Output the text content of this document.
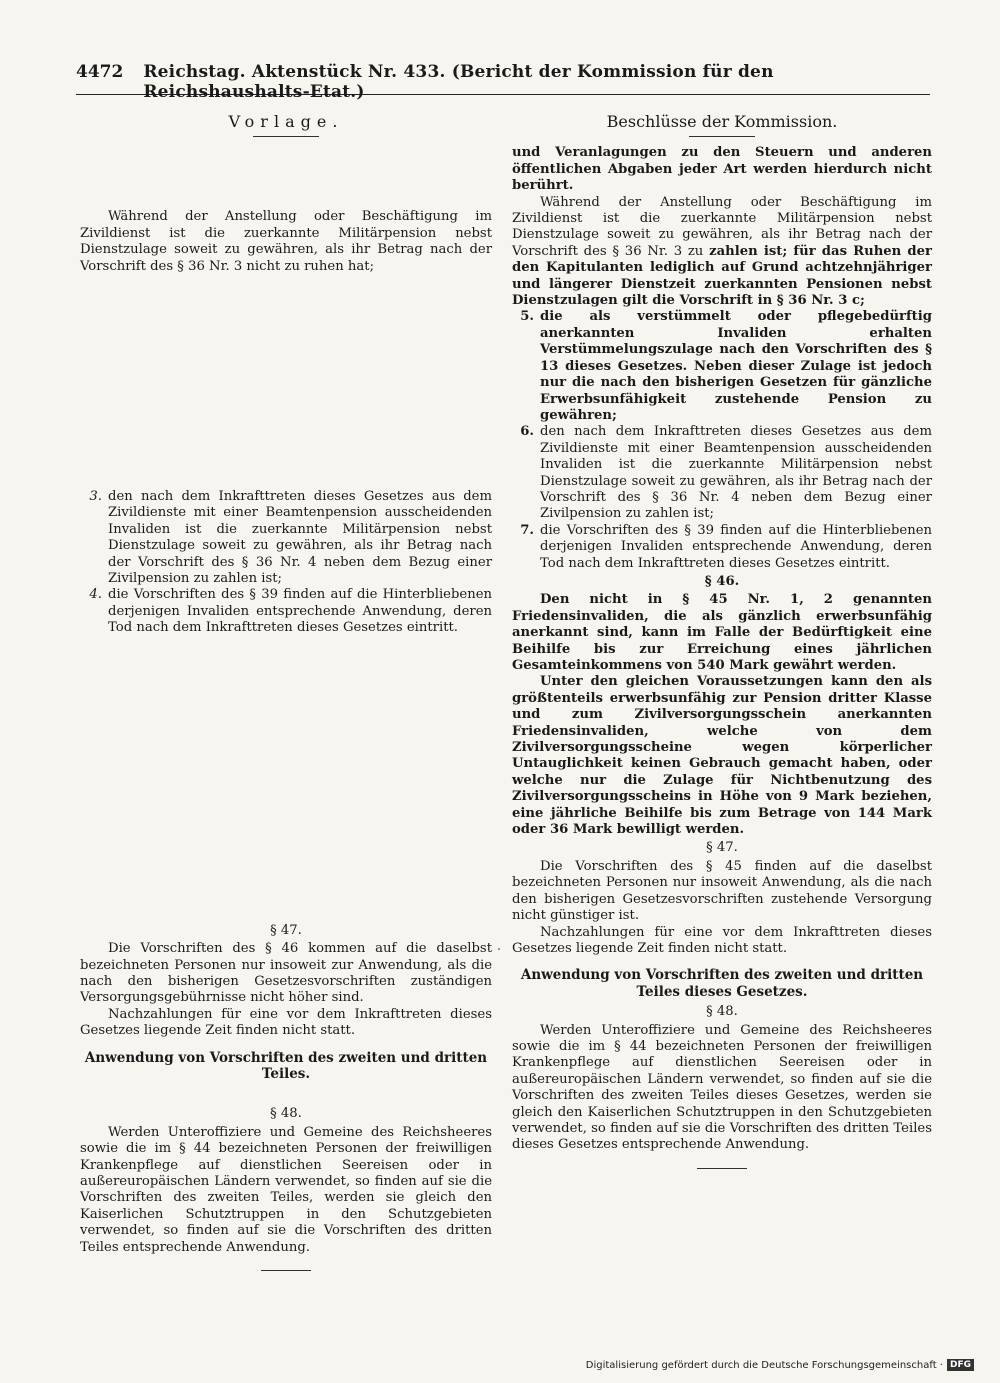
4472 Reichstag. Aktenstück Nr. 433. (Bericht der Kommission für den Reichshaushalts-Etat.)
Vorlage.

Während der Anstellung oder Beschäftigung im Zivildienst ist die zuerkannte Militärpension nebst Dienstzulage soweit zu gewähren, als ihr Betrag nach der Vorschrift des § 36 Nr. 3 nicht zu ruhen hat;

3. den nach dem Inkrafttreten dieses Gesetzes aus dem Zivildienste mit einer Beamtenpension ausscheidenden Invaliden ist die zuerkannte Militärpension nebst Dienstzulage soweit zu gewähren, als ihr Betrag nach der Vorschrift des § 36 Nr. 4 neben dem Bezug einer Zivilpension zu zahlen ist;
4. die Vorschriften des § 39 finden auf die Hinterbliebenen derjenigen Invaliden entsprechende Anwendung, deren Tod nach dem Inkrafttreten dieses Gesetzes eintritt.
§ 47.

Die Vorschriften des § 46 kommen auf die daselbst bezeichneten Personen nur insoweit zur Anwendung, als die nach den bisherigen Gesetzesvorschriften zuständigen Versorgungsgebührnisse nicht höher sind.

Nachzahlungen für eine vor dem Inkrafttreten dieses Gesetzes liegende Zeit finden nicht statt.

Anwendung von Vorschriften des zweiten und dritten Teiles.
§ 48.

Werden Unteroffiziere und Gemeine des Reichsheeres sowie die im § 44 bezeichneten Personen der freiwilligen Krankenpflege auf dienstlichen Seereisen oder in außereuropäischen Ländern verwendet, so finden auf sie die Vorschriften des zweiten Teiles, werden sie gleich den Kaiserlichen Schutztruppen in den Schutzgebieten verwendet, so finden auf sie die Vorschriften des dritten Teiles entsprechende Anwendung.

Beschlüsse der Kommission.

und Veranlagungen zu den Steuern und anderen öffentlichen Abgaben jeder Art werden hierdurch nicht berührt.

Während der Anstellung oder Beschäftigung im Zivildienst ist die zuerkannte Militärpension nebst Dienstzulage soweit zu gewähren, als ihr Betrag nach der Vorschrift des § 36 Nr. 3 zu zahlen ist; für das Ruhen der den Kapitulanten lediglich auf Grund achtzehnjähriger und längerer Dienstzeit zuerkannten Pensionen nebst Dienstzulagen gilt die Vorschrift in § 36 Nr. 3 c;

5. die als verstümmelt oder pflegebedürftig anerkannten Invaliden erhalten Verstümmelungszulage nach den Vorschriften des § 13 dieses Gesetzes. Neben dieser Zulage ist jedoch nur die nach den bisherigen Gesetzen für gänzliche Erwerbsunfähigkeit zustehende Pension zu gewähren;
6. den nach dem Inkrafttreten dieses Gesetzes aus dem Zivildienste mit einer Beamtenpension ausscheidenden Invaliden ist die zuerkannte Militärpension nebst Dienstzulage soweit zu gewähren, als ihr Betrag nach der Vorschrift des § 36 Nr. 4 neben dem Bezug einer Zivilpension zu zahlen ist;
7. die Vorschriften des § 39 finden auf die Hinterbliebenen derjenigen Invaliden entsprechende Anwendung, deren Tod nach dem Inkrafttreten dieses Gesetzes eintritt.
§ 46.

Den nicht in § 45 Nr. 1, 2 genannten Friedensinvaliden, die als gänzlich erwerbsunfähig anerkannt sind, kann im Falle der Bedürftigkeit eine Beihilfe bis zur Erreichung eines jährlichen Gesamteinkommens von 540 Mark gewährt werden.

Unter den gleichen Voraussetzungen kann den als größtenteils erwerbsunfähig zur Pension dritter Klasse und zum Zivilversorgungsschein anerkannten Friedensinvaliden, welche von dem Zivilversorgungsscheine wegen körperlicher Untauglichkeit keinen Gebrauch gemacht haben, oder welche nur die Zulage für Nichtbenutzung des Zivilversorgungsscheins in Höhe von 9 Mark beziehen, eine jährliche Beihilfe bis zum Betrage von 144 Mark oder 36 Mark bewilligt werden.

§ 47.

Die Vorschriften des § 45 finden auf die daselbst bezeichneten Personen nur insoweit Anwendung, als die nach den bisherigen Gesetzesvorschriften zustehende Versorgung nicht günstiger ist.

Nachzahlungen für eine vor dem Inkrafttreten dieses Gesetzes liegende Zeit finden nicht statt.

Anwendung von Vorschriften des zweiten und dritten Teiles dieses Gesetzes.
§ 48.

Werden Unteroffiziere und Gemeine des Reichsheeres sowie die im § 44 bezeichneten Personen der freiwilligen Krankenpflege auf dienstlichen Seereisen oder in außereuropäischen Ländern verwendet, so finden auf sie die Vorschriften des zweiten Teiles dieses Gesetzes, werden sie gleich den Kaiserlichen Schutztruppen in den Schutzgebieten verwendet, so finden auf sie die Vorschriften des dritten Teiles dieses Gesetzes entsprechende Anwendung.

Digitalisierung gefördert durch die Deutsche Forschungsgemeinschaft · DFG
